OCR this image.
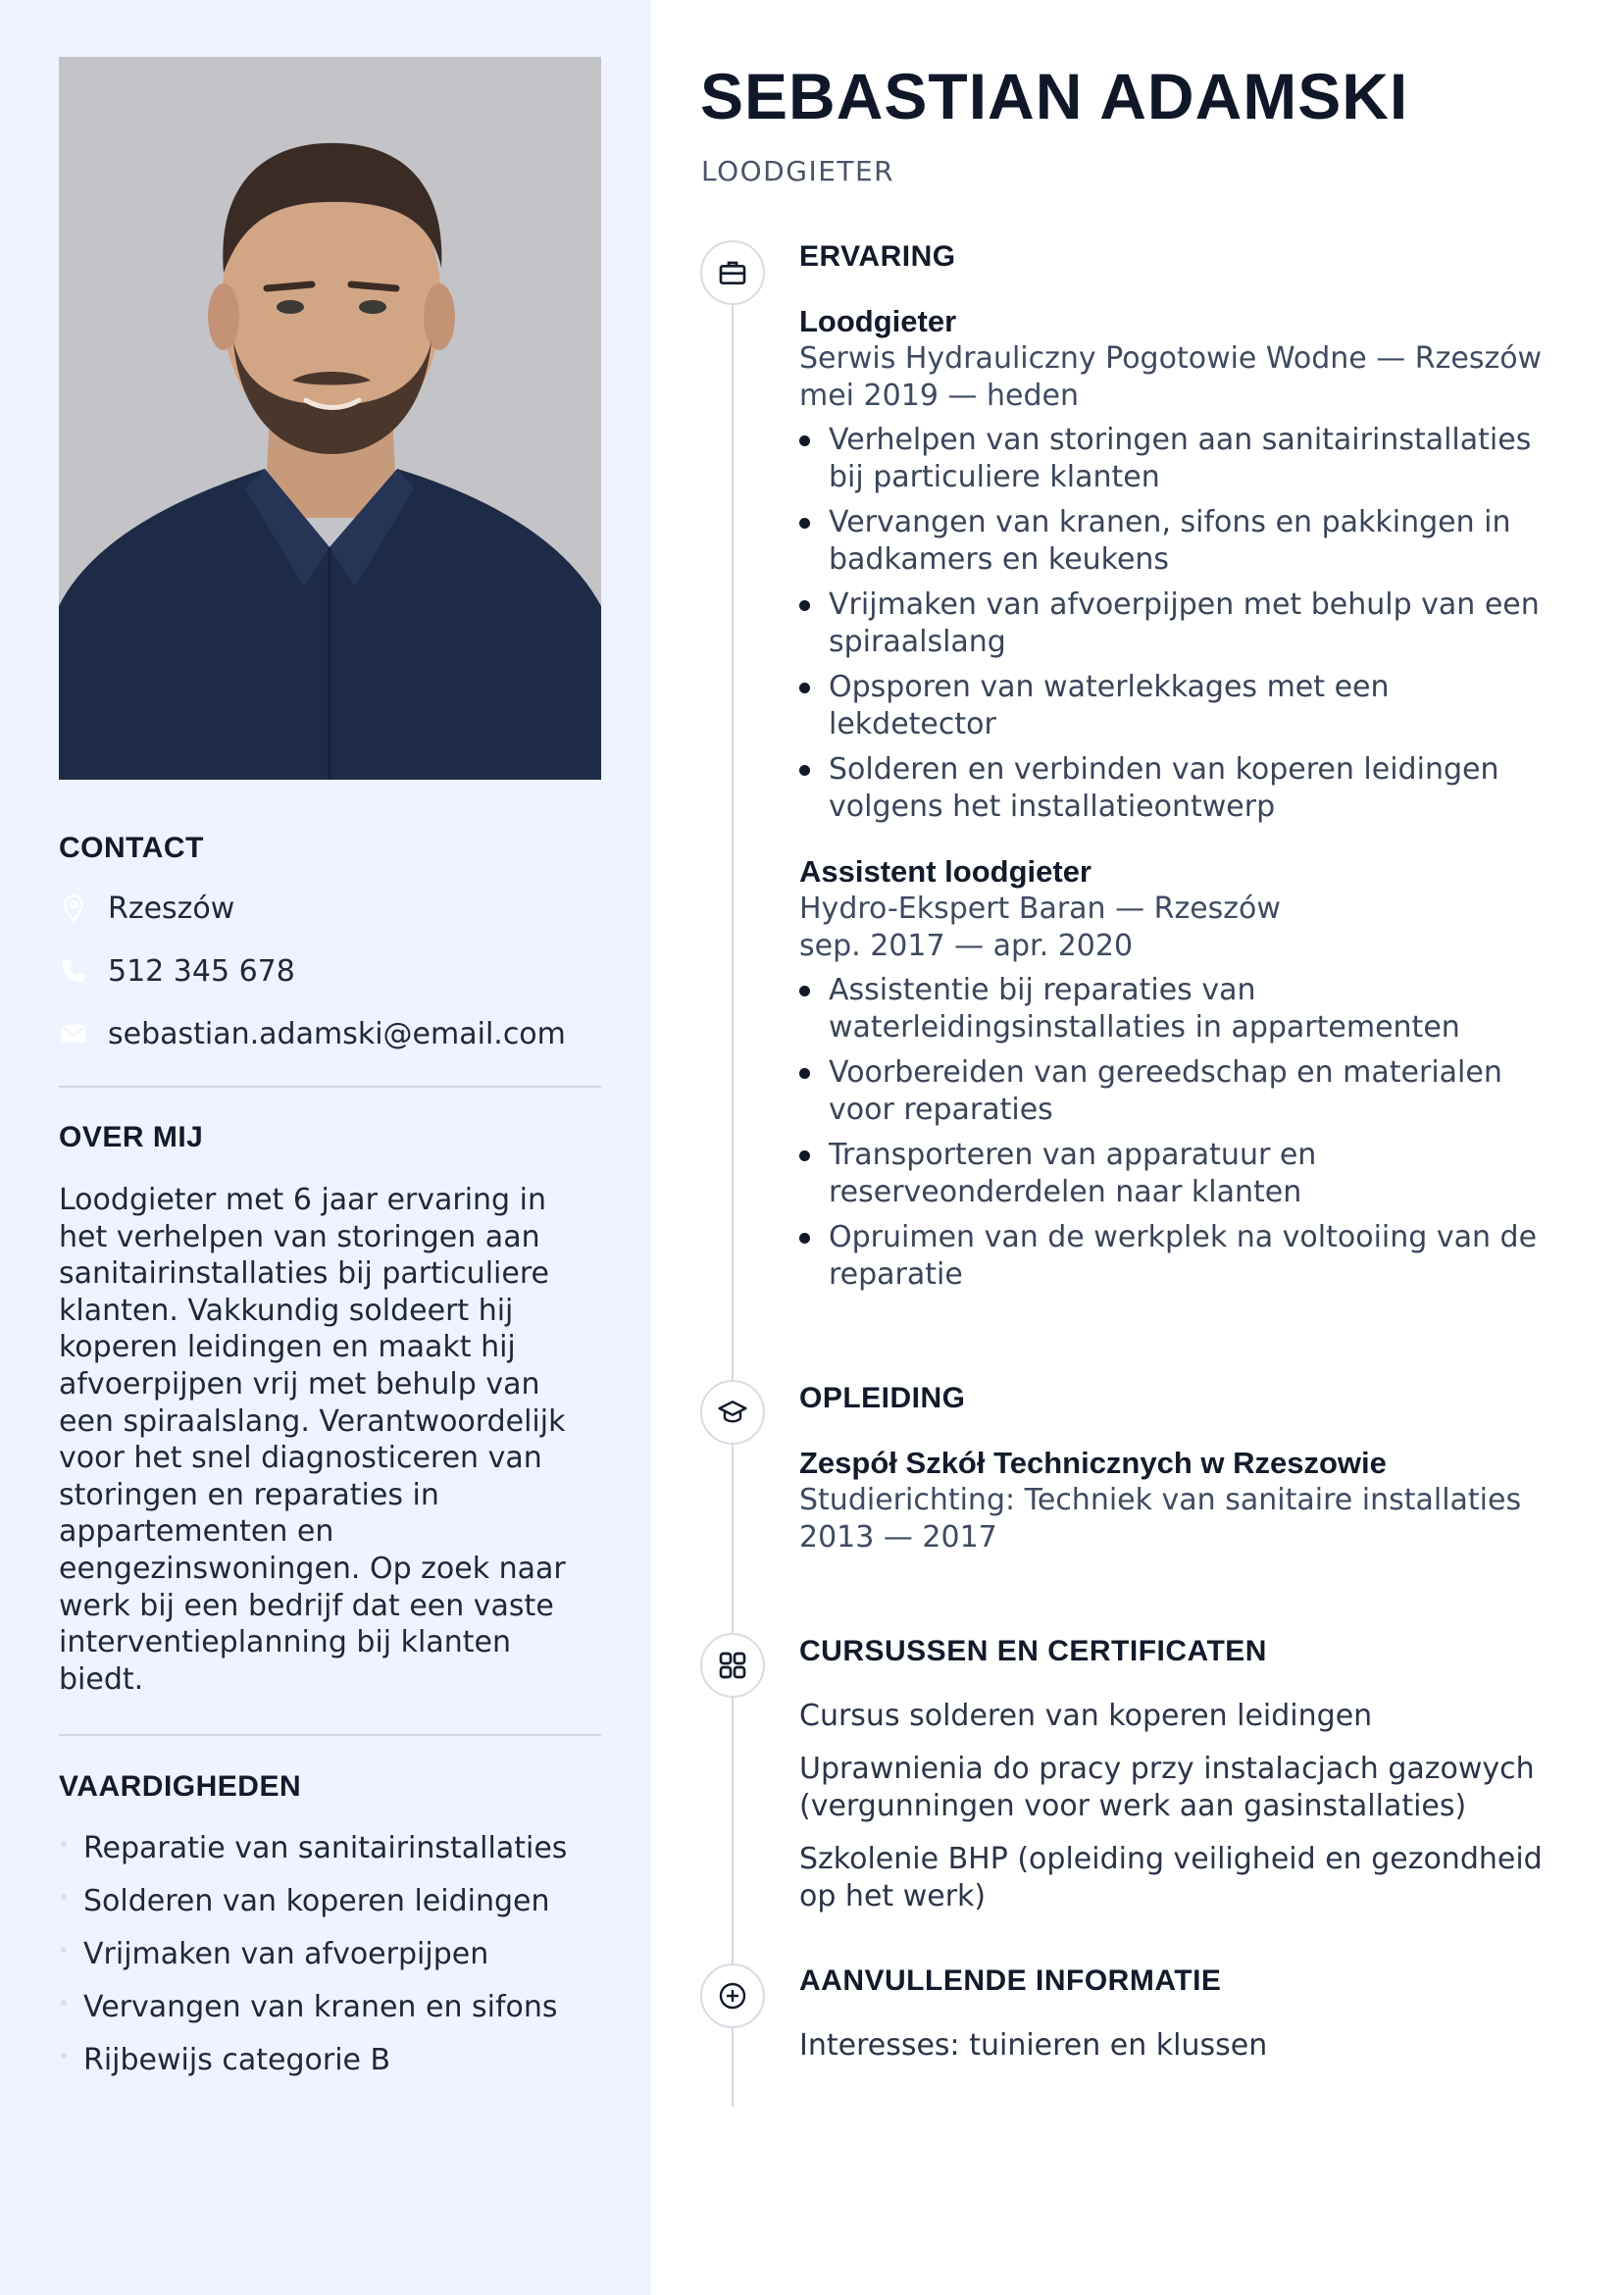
CONTACT
Rzeszów
512 345 678
sebastian.adamski@email.com
OVER MIJ
Loodgieter met 6 jaar ervaring in
het verhelpen van storingen aan
sanitairinstallaties bij particuliere
klanten. Vakkundig soldeert hij
koperen leidingen en maakt hij
afvoerpijpen vrij met behulp van
een spiraalslang. Verantwoordelijk
voor het snel diagnosticeren van
storingen en reparaties in
appartementen en
eengezinswoningen. Op zoek naar
werk bij een bedrijf dat een vaste
interventieplanning bij klanten
biedt.
VAARDIGHEDEN
Reparatie van sanitairinstallaties
Solderen van koperen leidingen
Vrijmaken van afvoerpijpen
Vervangen van kranen en sifons
Rijbewijs categorie B
SEBASTIAN ADAMSKI
LOODGIETER
ERVARING
Loodgieter
Serwis Hydrauliczny Pogotowie Wodne — Rzeszów
mei 2019 — heden
Verhelpen van storingen aan sanitairinstallaties
bij particuliere klanten
Vervangen van kranen, sifons en pakkingen in
badkamers en keukens
Vrijmaken van afvoerpijpen met behulp van een
spiraalslang
Opsporen van waterlekkages met een
lekdetector
Solderen en verbinden van koperen leidingen
volgens het installatieontwerp
Assistent loodgieter
Hydro-Ekspert Baran — Rzeszów
sep. 2017 — apr. 2020
Assistentie bij reparaties van
waterleidingsinstallaties in appartementen
Voorbereiden van gereedschap en materialen
voor reparaties
Transporteren van apparatuur en
reserveonderdelen naar klanten
Opruimen van de werkplek na voltooiing van de
reparatie
OPLEIDING
Zespół Szkół Technicznych w Rzeszowie
Studierichting: Techniek van sanitaire installaties
2013 — 2017
CURSUSSEN EN CERTIFICATEN
Cursus solderen van koperen leidingen
Uprawnienia do pracy przy instalacjach gazowych
(vergunningen voor werk aan gasinstallaties)
Szkolenie BHP (opleiding veiligheid en gezondheid
op het werk)
AANVULLENDE INFORMATIE
Interesses: tuinieren en klussen
